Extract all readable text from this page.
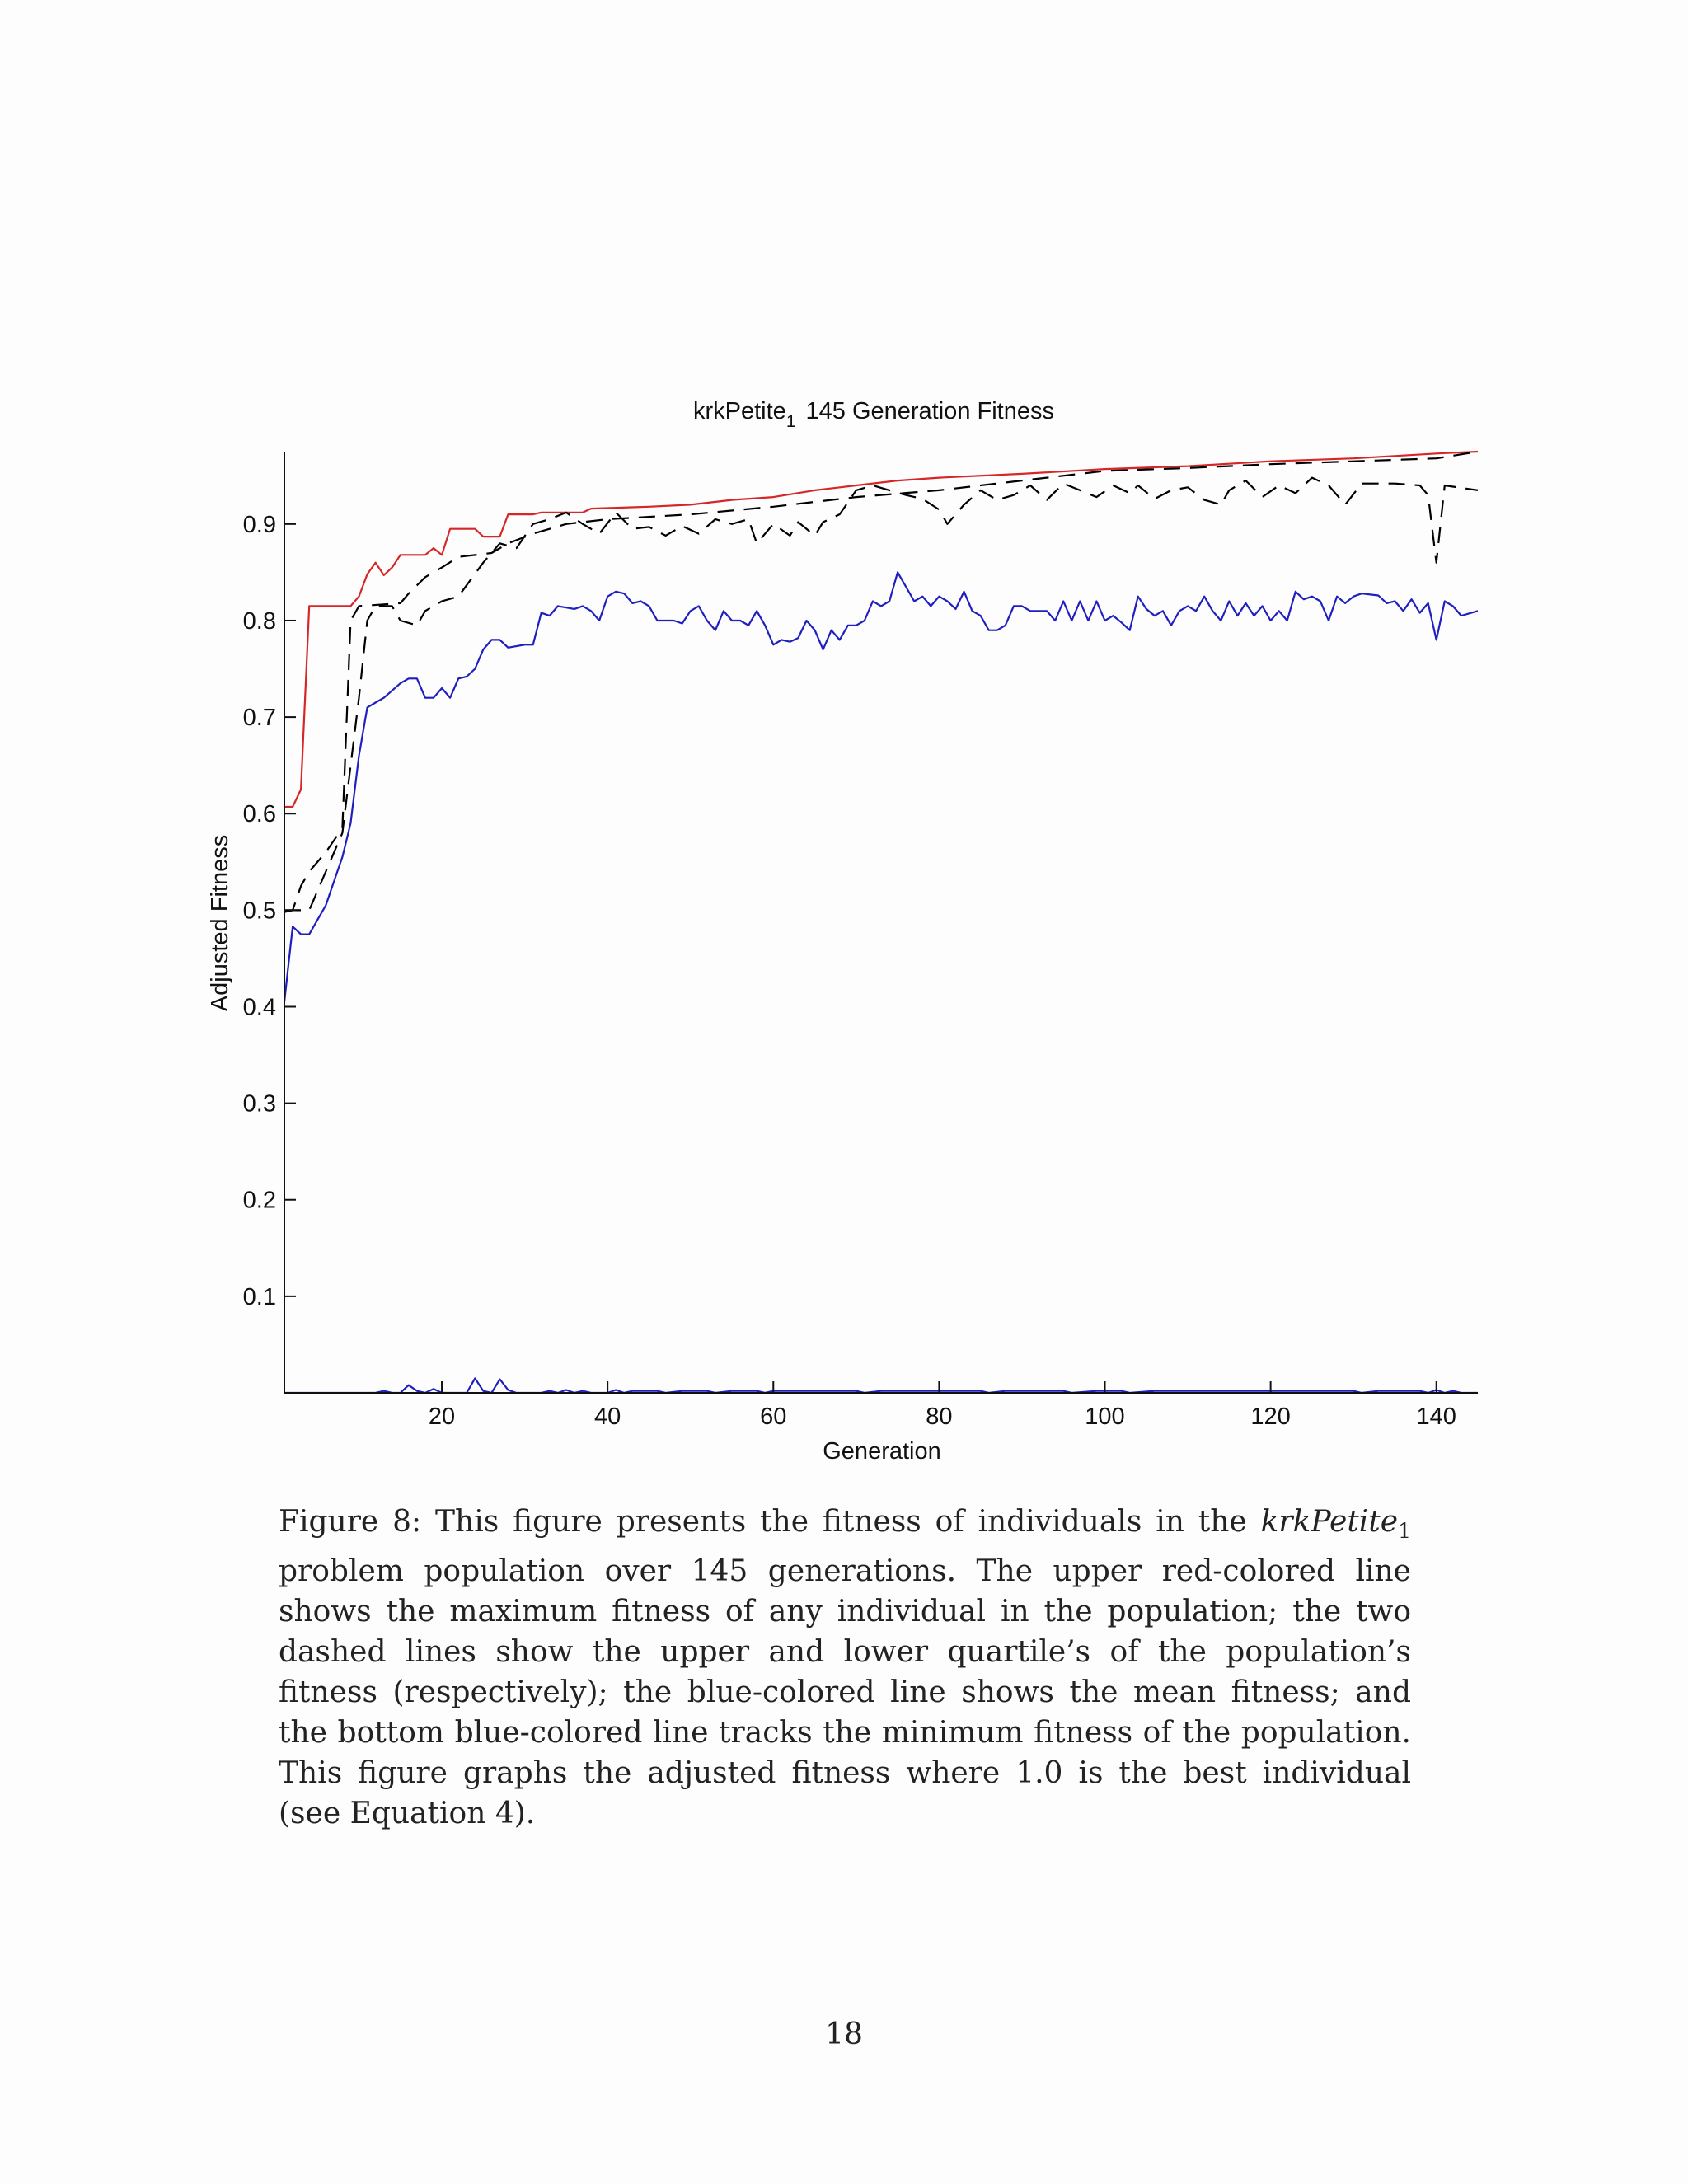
0.1
0.2
0.3
0.4
0.5
0.6
0.7
0.8
0.9
20	40	60	80	100	120	140
krkPetite$_1$ 145 Generation Fitness
Generation
Adjusted Fitness
Figure 8: This figure presents the fitness of individuals in the krkPetite$_1$ problem population over 145 generations. The upper red-colored line shows the maximum fitness of any individual in the population; the two dashed lines show the upper and lower quartile’s of the population’s fitness (respectively); the blue-colored line shows the mean fitness; and the bottom blue-colored line tracks the minimum fitness of the population. This figure graphs the adjusted fitness where 1.0 is the best individual (see Equation 4).
18
